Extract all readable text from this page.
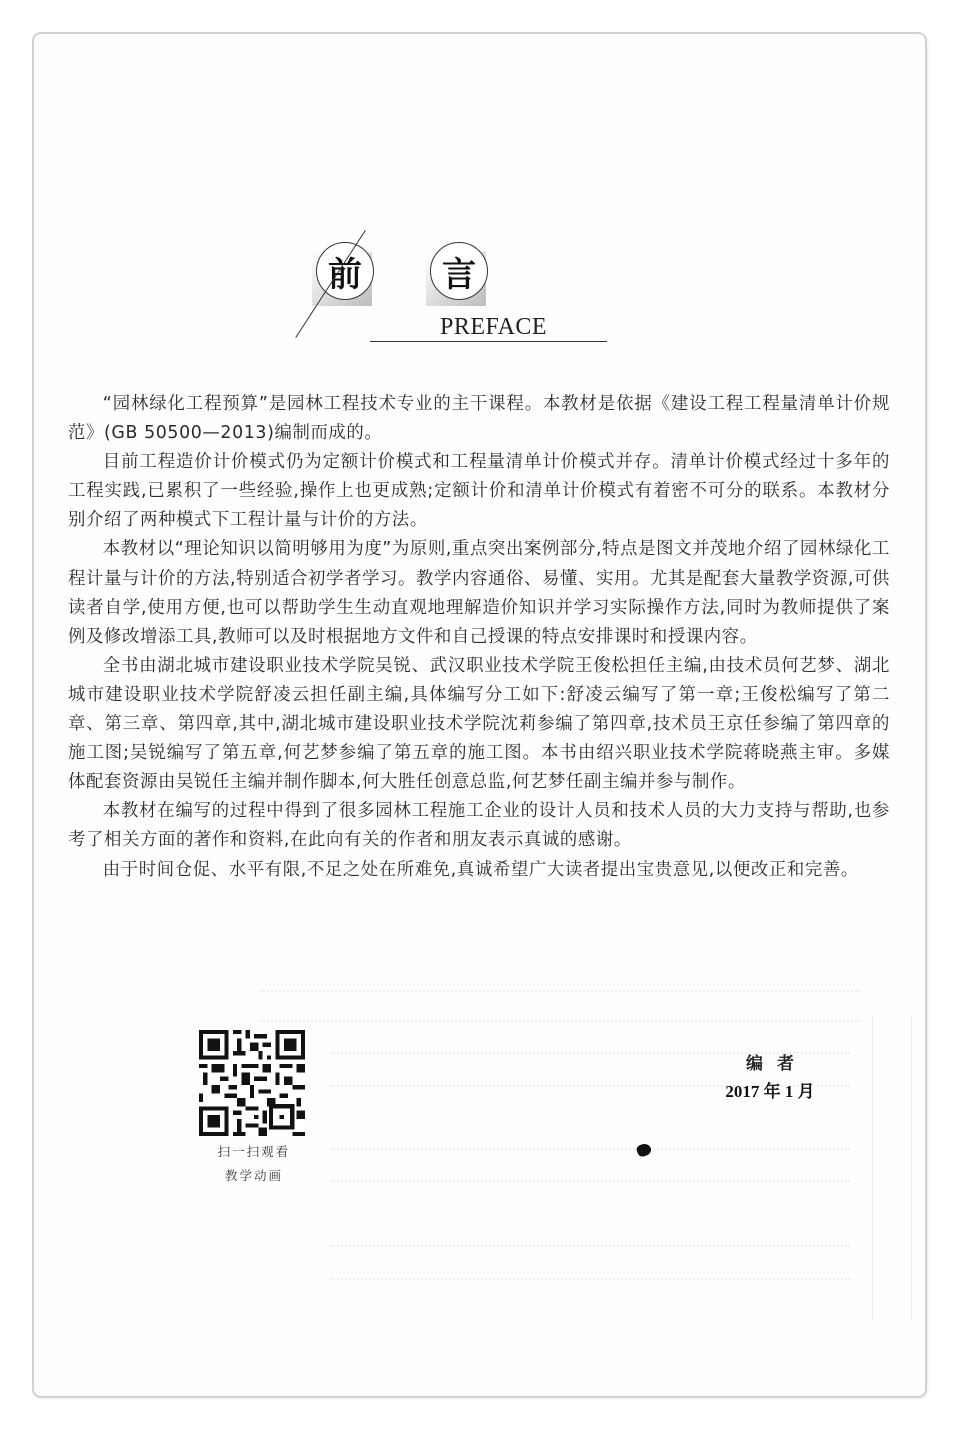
前	言
PREFACE

“园林绿化工程预算”是园林工程技术专业的主干课程。本教材是依据《建设工程工程量清单计价规范》(GB 50500—2013)编制而成的。

目前工程造价计价模式仍为定额计价模式和工程量清单计价模式并存。清单计价模式经过十多年的工程实践,已累积了一些经验,操作上也更成熟;定额计价和清单计价模式有着密不可分的联系。本教材分别介绍了两种模式下工程计量与计价的方法。

本教材以“理论知识以简明够用为度”为原则,重点突出案例部分,特点是图文并茂地介绍了园林绿化工程计量与计价的方法,特别适合初学者学习。教学内容通俗、易懂、实用。尤其是配套大量教学资源,可供读者自学,使用方便,也可以帮助学生生动直观地理解造价知识并学习实际操作方法,同时为教师提供了案例及修改增添工具,教师可以及时根据地方文件和自己授课的特点安排课时和授课内容。

全书由湖北城市建设职业技术学院吴锐、武汉职业技术学院王俊松担任主编,由技术员何艺梦、湖北城市建设职业技术学院舒凌云担任副主编,具体编写分工如下:舒凌云编写了第一章;王俊松编写了第二章、第三章、第四章,其中,湖北城市建设职业技术学院沈莉参编了第四章,技术员王京任参编了第四章的施工图;吴锐编写了第五章,何艺梦参编了第五章的施工图。本书由绍兴职业技术学院蒋晓燕主审。多媒体配套资源由吴锐任主编并制作脚本,何大胜任创意总监,何艺梦任副主编并参与制作。

本教材在编写的过程中得到了很多园林工程施工企业的设计人员和技术人员的大力支持与帮助,也参考了相关方面的著作和资料,在此向有关的作者和朋友表示真诚的感谢。

由于时间仓促、水平有限,不足之处在所难免,真诚希望广大读者提出宝贵意见,以便改正和完善。

扫一扫观看
教学动画
编者
2017 年 1 月
